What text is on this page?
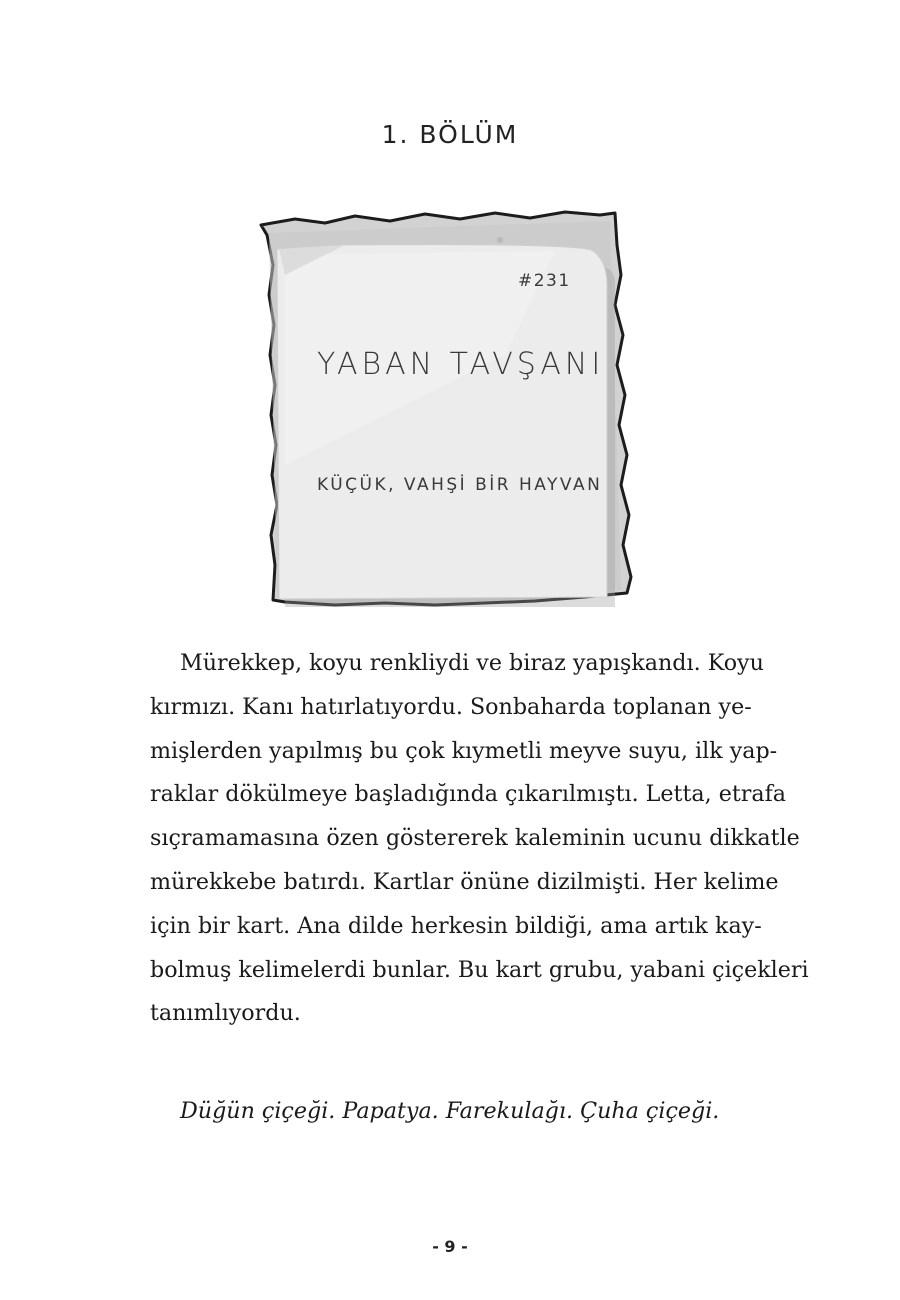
1. BÖLÜM
#231
YABAN TAVŞANI
KÜÇÜK, VAHŞİ BİR HAYVAN
Mürekkep, koyu renkliydi ve biraz yapışkandı. Koyu
kırmızı. Kanı hatırlatıyordu. Sonbaharda toplanan ye-
mişlerden yapılmış bu çok kıymetli meyve suyu, ilk yap-
raklar dökülmeye başladığında çıkarılmıştı. Letta, etrafa
sıçramamasına özen göstererek kaleminin ucunu dikkatle
mürekkebe batırdı. Kartlar önüne dizilmişti. Her kelime
için bir kart. Ana dilde herkesin bildiği, ama artık kay-
bolmuş kelimelerdi bunlar. Bu kart grubu, yabani çiçekleri
tanımlıyordu.
Düğün çiçeği. Papatya. Farekulağı. Çuha çiçeği.
- 9 -
